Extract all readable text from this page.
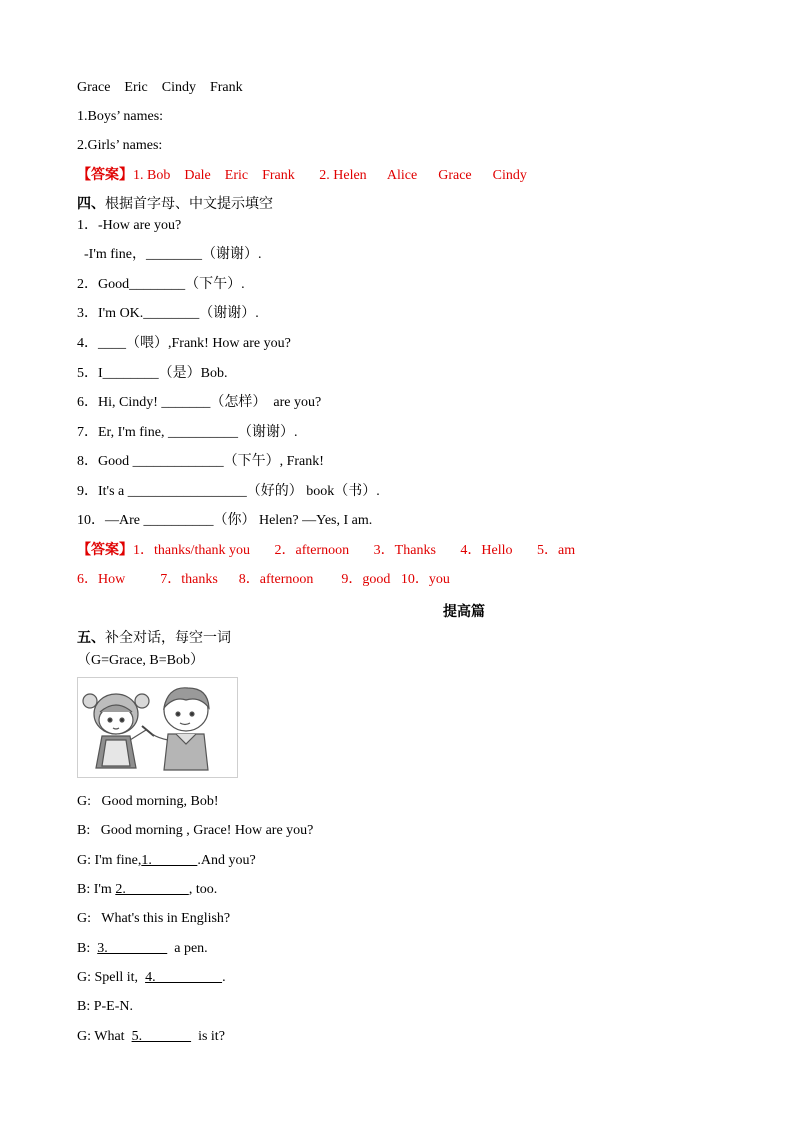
Grace    Eric    Cindy    Frank
1.Boys’ names:
2.Girls’ names:
【答案】1. Bob    Dale    Eric    Frank       2. Helen      Alice      Grace      Cindy
四、根据首字母、中文提示填空
1．-How are you?
-I'm fine，________（谢谢）.
2．Good________（下午）.
3．I'm OK.________（谢谢）.
4．____（喂）,Frank! How are you?
5．I________（是）Bob.
6．Hi, Cindy! _______（怎样）  are you?
7．Er, I'm fine, __________（谢谢）.
8．Good _____________（下午）, Frank!
9．It's a _________________（好的） book（书）.
10．—Are __________（你） Helen? —Yes, I am.
【答案】1．thanks/thank you       2．afternoon       3．Thanks       4．Hello       5．am
6．How          7．thanks      8．afternoon        9．good   10．you
提高篇
五、补全对话，每空一词
（G=Grace, B=Bob）
G:   Good morning, Bob!
B:   Good morning , Grace! How are you?
G: I'm fine,1.             .And you?
B: I'm 2.                  , too.
G:   What's this in English?
B:  3.                   a pen.
G: Spell it,  4.                   .
B: P-E-N.
G: What  5.                is it?
